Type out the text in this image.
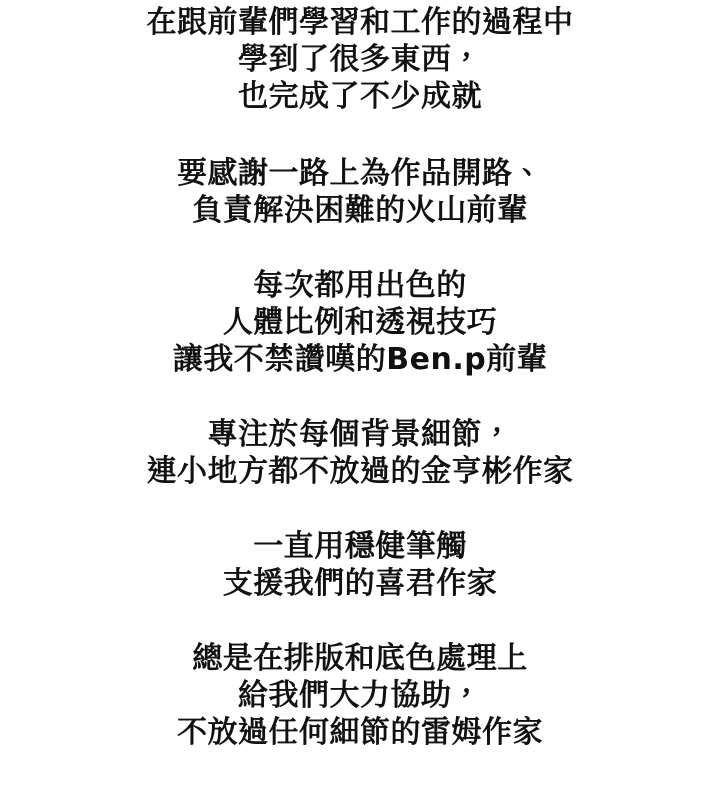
在跟前輩們學習和工作的過程中
學到了很多東西，
也完成了不少成就
要感謝一路上為作品開路、
負責解決困難的火山前輩
每次都用出色的
人體比例和透視技巧
讓我不禁讚嘆的Ben.p前輩
專注於每個背景細節，
連小地方都不放過的金亨彬作家
一直用穩健筆觸
支援我們的喜君作家
總是在排版和底色處理上
給我們大力協助，
不放過任何細節的雷姆作家
